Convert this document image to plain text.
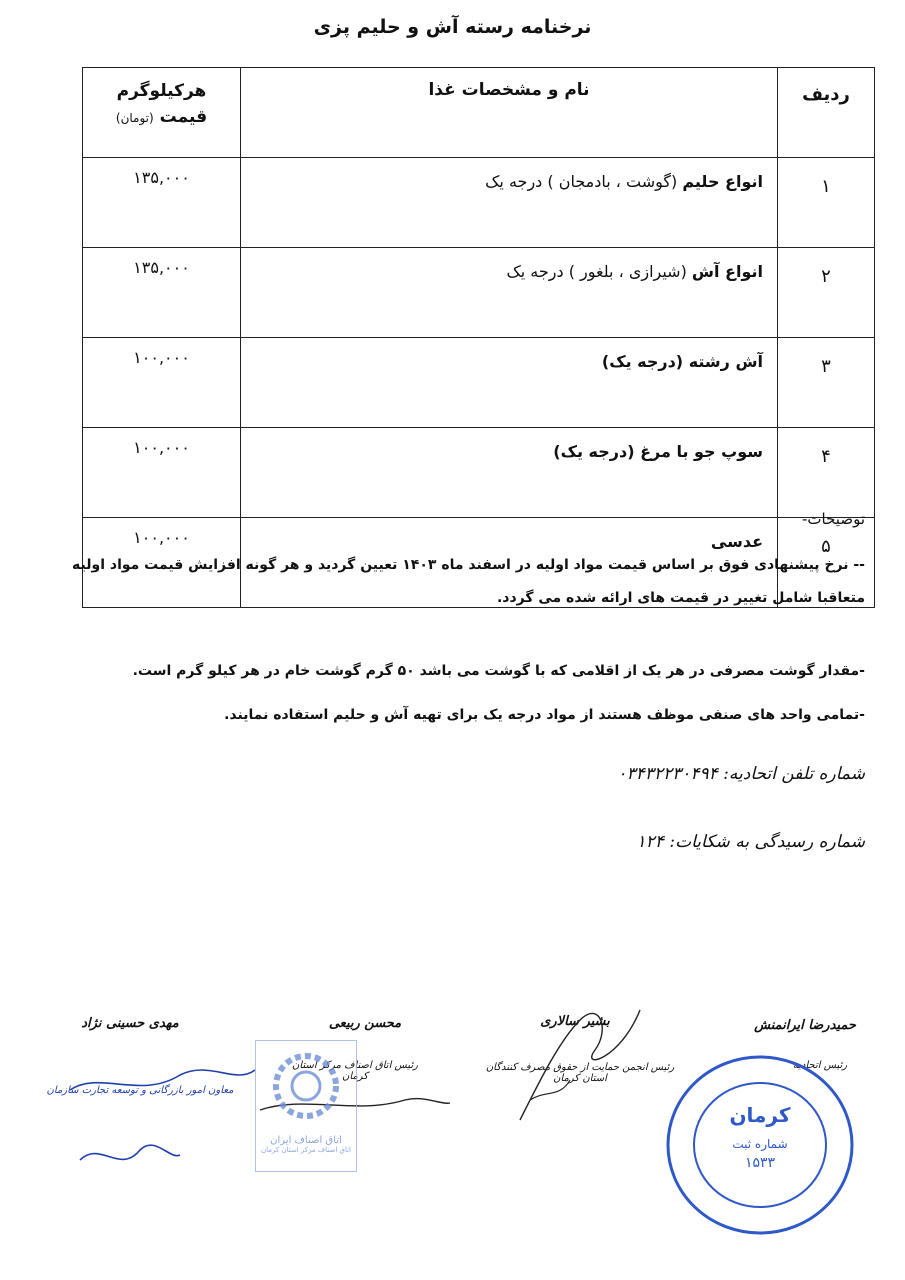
نرخنامه رسته آش و حلیم پزی
ردیف	نام و مشخصات غذا	هرکیلوگرم
قیمت (تومان)

۱	انواع حلیم (گوشت ، بادمجان ) درجه یک	۱۳۵,۰۰۰
۲	انواع آش (شیرازی ، بلغور ) درجه یک	۱۳۵,۰۰۰
۳	آش رشته (درجه یک)	۱۰۰,۰۰۰
۴	سوپ جو با مرغ (درجه یک)	۱۰۰,۰۰۰
۵	عدسی	۱۰۰,۰۰۰
توضیحات-
-- نرخ پیشنهادی فوق بر اساس قیمت مواد اولیه در اسفند ماه ۱۴۰۳ تعیین گردید و هر گونه افزایش قیمت مواد اولیه متعاقبا شامل تغییر در قیمت های ارائه شده می گردد.
-مقدار گوشت مصرفی در هر یک از اقلامی که با گوشت می باشد ۵۰ گرم گوشت خام در هر کیلو گرم است.
-تمامی واحد های صنفی موظف هستند از مواد درجه یک برای تهیه آش و حلیم استفاده نمایند.
شماره تلفن اتحادیه: ۰۳۴۳۲۲۳۰۴۹۴
شماره رسیدگی به شکایات: ۱۲۴
حمیدرضا ایرانمنش
رئیس اتحادیه
بشیر سالاری
رئیس انجمن حمایت از حقوق مصرف کنندگان استان کرمان
محسن ربیعی
رئیس اتاق اصناف مرکز استان کرمان
مهدی حسینی نژاد
معاون امور بازرگانی و توسعه تجارت سازمان
اتاق اصناف ایران
اتاق اصناف مرکز استان کرمان
کرمان
شماره ثبت
۱۵۳۳
